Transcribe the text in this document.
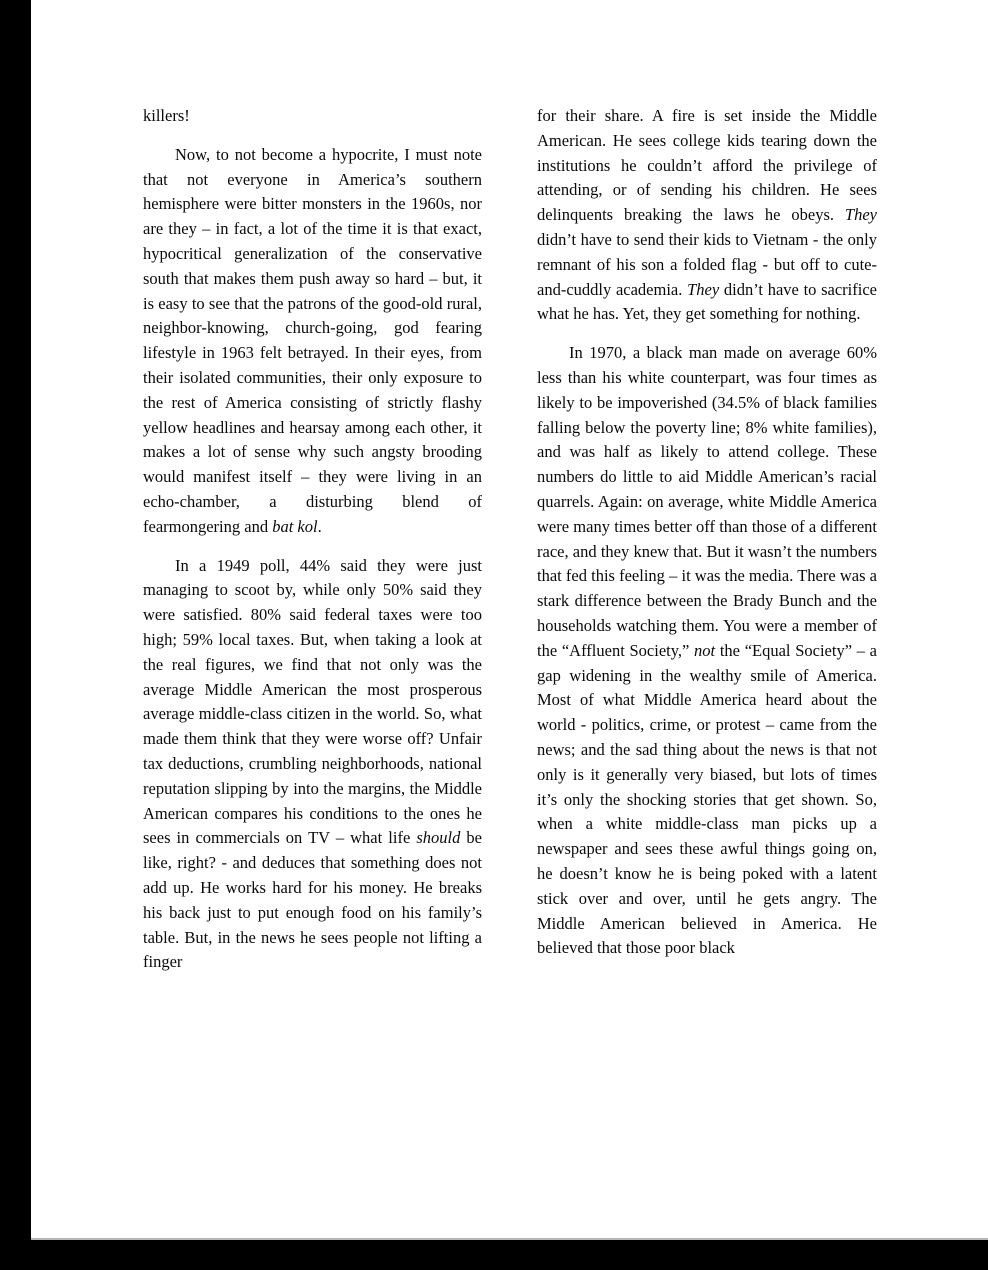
killers!

Now, to not become a hypocrite, I must note that not everyone in America’s southern hemisphere were bitter monsters in the 1960s, nor are they – in fact, a lot of the time it is that exact, hypocritical generalization of the conservative south that makes them push away so hard – but, it is easy to see that the patrons of the good-old rural, neighbor-knowing, church-going, god fearing lifestyle in 1963 felt betrayed. In their eyes, from their isolated communities, their only exposure to the rest of America consisting of strictly flashy yellow headlines and hearsay among each other, it makes a lot of sense why such angsty brooding would manifest itself – they were living in an echo-chamber, a disturbing blend of fearmongering and bat kol.

In a 1949 poll, 44% said they were just managing to scoot by, while only 50% said they were satisfied. 80% said federal taxes were too high; 59% local taxes. But, when taking a look at the real figures, we find that not only was the average Middle American the most prosperous average middle-class citizen in the world. So, what made them think that they were worse off? Unfair tax deductions, crumbling neighborhoods, national reputation slipping by into the margins, the Middle American compares his conditions to the ones he sees in commercials on TV – what life should be like, right? - and deduces that something does not add up. He works hard for his money. He breaks his back just to put enough food on his family’s table. But, in the news he sees people not lifting a finger

for their share. A fire is set inside the Middle American. He sees college kids tearing down the institutions he couldn’t afford the privilege of attending, or of sending his children. He sees delinquents breaking the laws he obeys. They didn’t have to send their kids to Vietnam - the only remnant of his son a folded flag - but off to cute-and-cuddly academia. They didn’t have to sacrifice what he has. Yet, they get something for nothing.

In 1970, a black man made on average 60% less than his white counterpart, was four times as likely to be impoverished (34.5% of black families falling below the poverty line; 8% white families), and was half as likely to attend college. These numbers do little to aid Middle American’s racial quarrels. Again: on average, white Middle America were many times better off than those of a different race, and they knew that. But it wasn’t the numbers that fed this feeling – it was the media. There was a stark difference between the Brady Bunch and the households watching them. You were a member of the “Affluent Society,” not the “Equal Society” – a gap widening in the wealthy smile of America. Most of what Middle America heard about the world - politics, crime, or protest – came from the news; and the sad thing about the news is that not only is it generally very biased, but lots of times it’s only the shocking stories that get shown. So, when a white middle-class man picks up a newspaper and sees these awful things going on, he doesn’t know he is being poked with a latent stick over and over, until he gets angry. The Middle American believed in America. He believed that those poor black
